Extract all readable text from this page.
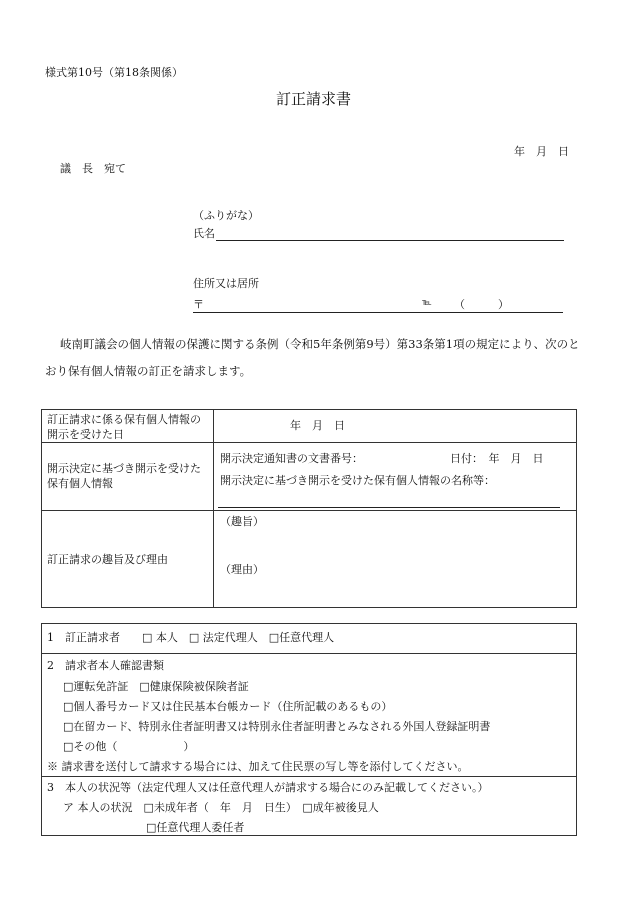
様式第10号（第18条関係）
訂正請求書
年　月　日
議　長　宛て
（ふりがな）
氏名
住所又は居所
〒	℡ （　　　）
岐南町議会の個人情報の保護に関する条例（令和5年条例第9号）第33条第1項の規定により、次のと
おり保有個人情報の訂正を請求します。
訂正請求に係る保有個人情報の開示を受けた日
年　月　日
開示決定に基づき開示を受けた保有個人情報
開示決定通知書の文書番号：	日付：　年　月　日
開示決定に基づき開示を受けた保有個人情報の名称等：
訂正請求の趣旨及び理由
（趣旨）
（理由）
1　訂正請求者　　□ 本人　□ 法定代理人　□任意代理人
2　請求者本人確認書類
□運転免許証　□健康保険被保険者証
□個人番号カード又は住民基本台帳カード（住所記載のあるもの）
□在留カード、特別永住者証明書又は特別永住者証明書とみなされる外国人登録証明書
□その他（　　　　　　）
※ 請求書を送付して請求する場合には、加えて住民票の写し等を添付してください。
3　本人の状況等（法定代理人又は任意代理人が請求する場合にのみ記載してください。）
ア 本人の状況　□未成年者（　年　月　日生）　□成年被後見人
□任意代理人委任者
